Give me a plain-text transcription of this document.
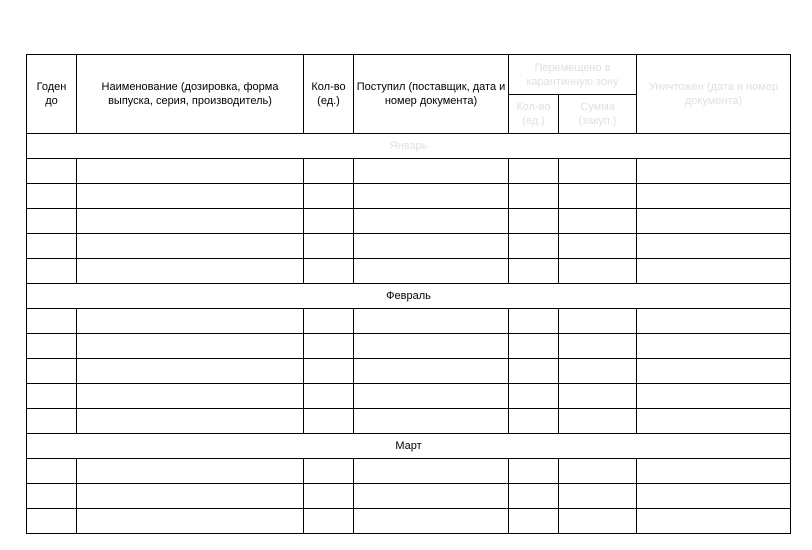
Годен до	Наименование (дозировка, форма выпуска, серия, производитель)	Кол-во (ед.)	Поступил (поставщик, дата и номер документа)	Перемещено в карантинную зону		Уничтожен (дата и номер документа)
				Кол-во (ед.)	Сумма (закуп.)	
Январь						

Февраль						

Март						
